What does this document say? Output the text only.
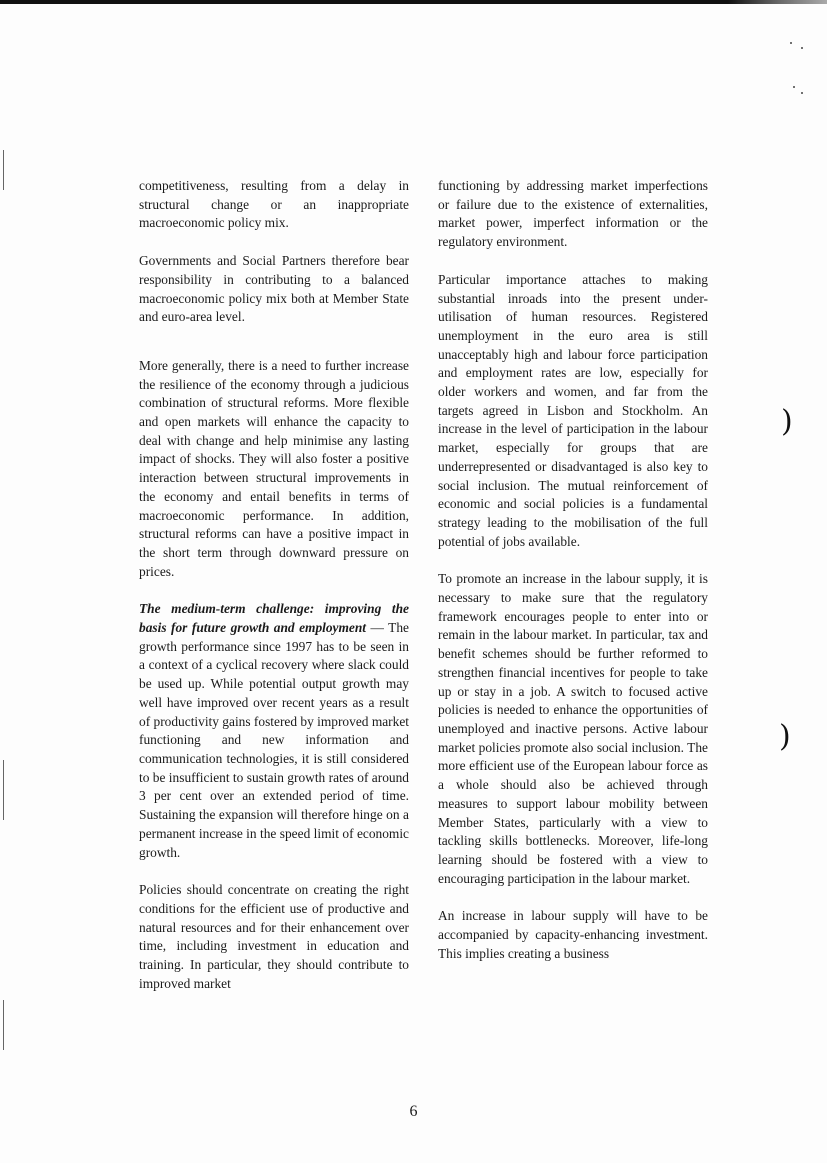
)
)

competitiveness, resulting from a delay in structural change or an inappropriate macroeconomic policy mix.

Governments and Social Partners therefore bear responsibility in contributing to a balanced macroeconomic policy mix both at Member State and euro-area level.

More generally, there is a need to further increase the resilience of the economy through a judicious combination of structural reforms. More flexible and open markets will enhance the capacity to deal with change and help minimise any lasting impact of shocks. They will also foster a positive interaction between structural improvements in the economy and entail benefits in terms of macroeconomic performance. In addition, structural reforms can have a positive impact in the short term through downward pressure on prices.

The medium-term challenge: improving the basis for future growth and employment — The growth performance since 1997 has to be seen in a context of a cyclical recovery where slack could be used up. While potential output growth may well have improved over recent years as a result of productivity gains fostered by improved market functioning and new information and communication technologies, it is still considered to be insufficient to sustain growth rates of around 3 per cent over an extended period of time. Sustaining the expansion will therefore hinge on a permanent increase in the speed limit of economic growth.

Policies should concentrate on creating the right conditions for the efficient use of productive and natural resources and for their enhancement over time, including investment in education and training. In particular, they should contribute to improved market

functioning by addressing market imperfections or failure due to the existence of externalities, market power, imperfect information or the regulatory environment.

Particular importance attaches to making substantial inroads into the present under-utilisation of human resources. Registered unemployment in the euro area is still unacceptably high and labour force participation and employment rates are low, especially for older workers and women, and far from the targets agreed in Lisbon and Stockholm. An increase in the level of participation in the labour market, especially for groups that are underrepresented or disadvantaged is also key to social inclusion. The mutual reinforcement of economic and social policies is a fundamental strategy leading to the mobilisation of the full potential of jobs available.

To promote an increase in the labour supply, it is necessary to make sure that the regulatory framework encourages people to enter into or remain in the labour market. In particular, tax and benefit schemes should be further reformed to strengthen financial incentives for people to take up or stay in a job. A switch to focused active policies is needed to enhance the opportunities of unemployed and inactive persons. Active labour market policies promote also social inclusion. The more efficient use of the European labour force as a whole should also be achieved through measures to support labour mobility between Member States, particularly with a view to tackling skills bottlenecks. Moreover, life-long learning should be fostered with a view to encouraging participation in the labour market.

An increase in labour supply will have to be accompanied by capacity-enhancing investment. This implies creating a business

6
